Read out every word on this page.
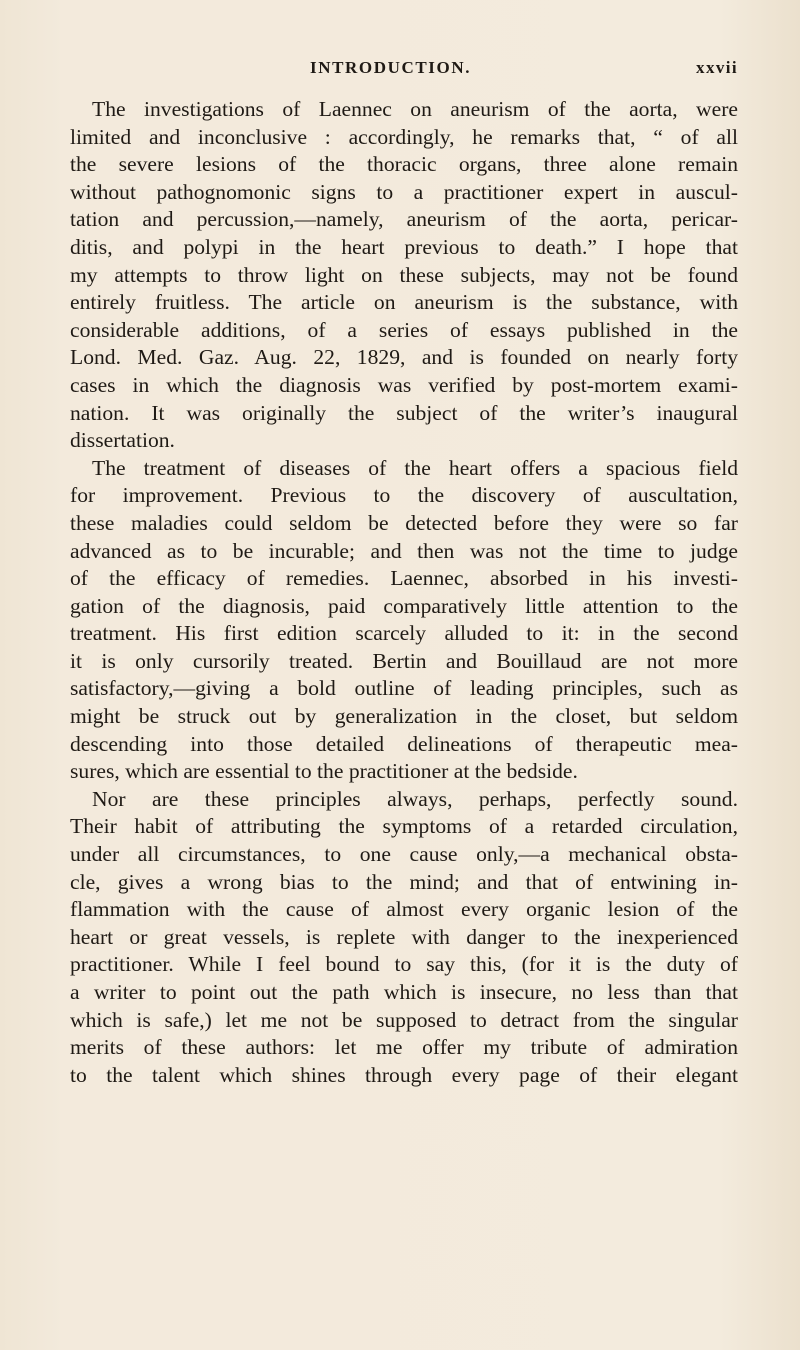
INTRODUCTION.	xxvii
The investigations of Laennec on aneurism of the aorta, were
limited and inconclusive : accordingly, he remarks that, “ of all
the severe lesions of the thoracic organs, three alone remain
without pathognomonic signs to a practitioner expert in auscul-
tation and percussion,—namely, aneurism of the aorta, pericar-
ditis, and polypi in the heart previous to death.” I hope that
my attempts to throw light on these subjects, may not be found
entirely fruitless. The article on aneurism is the substance, with
considerable additions, of a series of essays published in the
Lond. Med. Gaz. Aug. 22, 1829, and is founded on nearly forty
cases in which the diagnosis was verified by post-mortem exami-
nation. It was originally the subject of the writer’s inaugural
dissertation.
The treatment of diseases of the heart offers a spacious field
for improvement. Previous to the discovery of auscultation,
these maladies could seldom be detected before they were so far
advanced as to be incurable; and then was not the time to judge
of the efficacy of remedies. Laennec, absorbed in his investi-
gation of the diagnosis, paid comparatively little attention to the
treatment. His first edition scarcely alluded to it: in the second
it is only cursorily treated. Bertin and Bouillaud are not more
satisfactory,—giving a bold outline of leading principles, such as
might be struck out by generalization in the closet, but seldom
descending into those detailed delineations of therapeutic mea-
sures, which are essential to the practitioner at the bedside.
Nor are these principles always, perhaps, perfectly sound.
Their habit of attributing the symptoms of a retarded circulation,
under all circumstances, to one cause only,—a mechanical obsta-
cle, gives a wrong bias to the mind; and that of entwining in-
flammation with the cause of almost every organic lesion of the
heart or great vessels, is replete with danger to the inexperienced
practitioner. While I feel bound to say this, (for it is the duty of
a writer to point out the path which is insecure, no less than that
which is safe,) let me not be supposed to detract from the singular
merits of these authors: let me offer my tribute of admiration
to the talent which shines through every page of their elegant
